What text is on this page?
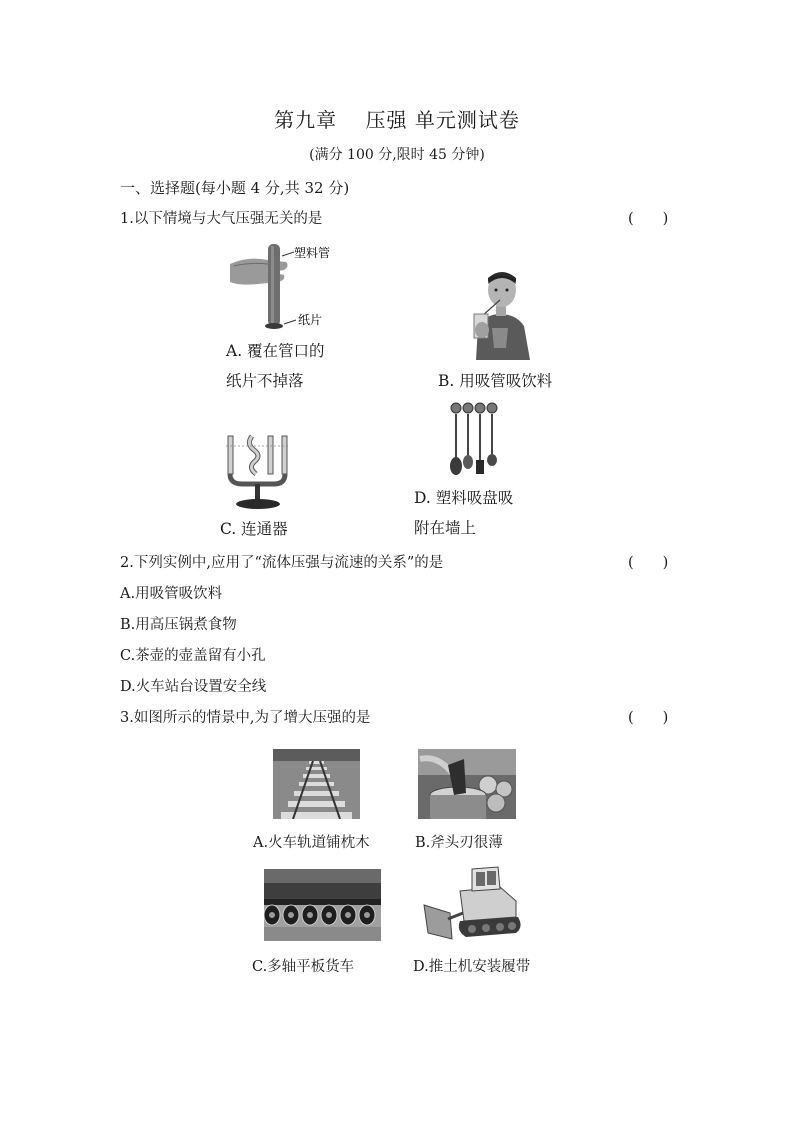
第九章　 压强 单元测试卷
(满分 100 分,限时 45 分钟)
一、选择题(每小题 4 分,共 32 分)
1.以下情境与大气压强无关的是	(　　)
塑料管
纸片
A. 覆在管口的
纸片不掉落	B. 用吸管吸饮料
C. 连通器
D. 塑料吸盘吸
附在墙上
2.下列实例中,应用了“流体压强与流速的关系”的是	(　　)
A.用吸管吸饮料
B.用高压锅煮食物
C.茶壶的壶盖留有小孔
D.火车站台设置安全线
3.如图所示的情景中,为了增大压强的是	(　　)
A.火车轨道铺枕木	B.斧头刃很薄
C.多轴平板货车	D.推土机安装履带
